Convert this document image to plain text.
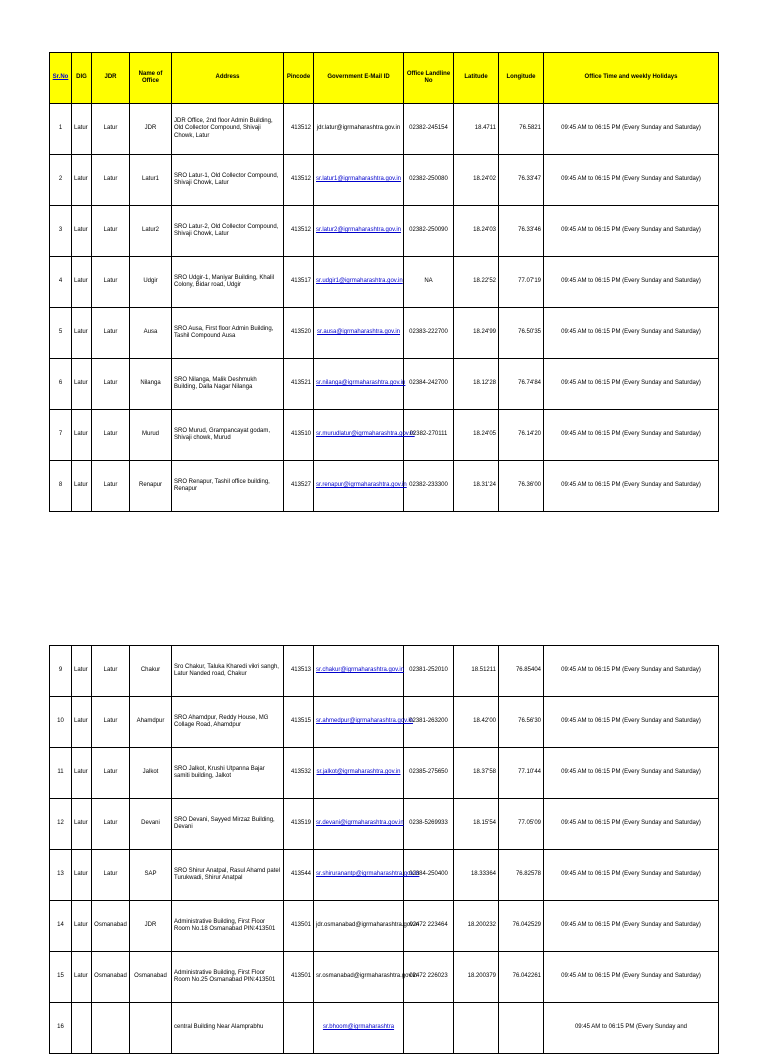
Sr.No	DIG	JDR	Name of Office	Address	Pincode	Government E-Mail ID	Office Landline No	Latitude	Longitude	Office Time and weekly Holidays
1	Latur	Latur	JDR	JDR Office, 2nd floor Admin Building, Old Collector Compound, Shivaji Chowk, Latur	413512	jdr.latur@igrmaharashtra.gov.in	02382-245154	18.4711	76.5821	09:45 AM to 06:15 PM (Every Sunday and Saturday)
2	Latur	Latur	Latur1	SRO Latur-1, Old Collector Compound, Shivaji Chowk, Latur	413512	sr.latur1@igrmaharashtra.gov.in	02382-250080	18.24'02	76.33'47	09:45 AM to 06:15 PM (Every Sunday and Saturday)
3	Latur	Latur	Latur2	SRO Latur-2, Old Collector Compound, Shivaji Chowk, Latur	413512	sr.latur2@igrmaharashtra.gov.in	02382-250090	18.24'03	76.33'46	09:45 AM to 06:15 PM (Every Sunday and Saturday)
4	Latur	Latur	Udgir	SRO Udgir-1, Maniyar Building, Khalil Colony, Bidar road, Udgir	413517	sr.udgir1@igrmaharashtra.gov.in	NA	18.22'52	77.07'19	09:45 AM to 06:15 PM (Every Sunday and Saturday)
5	Latur	Latur	Ausa	SRO Ausa, First floor Admin Building, Tashil Compound Ausa	413520	sr.ausa@igrmaharashtra.gov.in	02383-222700	18.24'99	76.50'35	09:45 AM to 06:15 PM (Every Sunday and Saturday)
6	Latur	Latur	Nilanga	SRO Nilanga, Malik Deshmukh Building, Dalla Nagar Nilanga	413521	sr.nilanga@igrmaharashtra.gov.in	02384-242700	18.12'28	76.74'84	09:45 AM to 06:15 PM (Every Sunday and Saturday)
7	Latur	Latur	Murud	SRO Murud, Grampancayat godam, Shivaji chowk, Murud	413510	sr.murudlatur@igrmaharashtra.gov.in	02382-270111	18.24'05	76.14'20	09:45 AM to 06:15 PM (Every Sunday and Saturday)
8	Latur	Latur	Renapur	SRO Renapur, Tashil office building, Renapur	413527	sr.renapur@igrmaharashtra.gov.in	02382-233300	18.31'24	76.36'00	09:45 AM to 06:15 PM (Every Sunday and Saturday)
9	Latur	Latur	Chakur	Sro Chakur, Taluka Kharedi vikri sangh, Latur Nanded road, Chakur	413513	sr.chakur@igrmaharashtra.gov.in	02381-252010	18.51211	76.85404	09:45 AM to 06:15 PM (Every Sunday and Saturday)
10	Latur	Latur	Ahamdpur	SRO Ahamdpur, Reddy House, MG Collage Road, Ahamdpur	413515	sr.ahmedpur@igrmaharashtra.gov.in	02381-263200	18.42'00	76.56'30	09:45 AM to 06:15 PM (Every Sunday and Saturday)
11	Latur	Latur	Jalkot	SRO Jalkot, Krushi Utpanna Bajar samiti building, Jalkot	413532	sr.jalkot@igrmaharashtra.gov.in	02385-275650	18.37'58	77.10'44	09:45 AM to 06:15 PM (Every Sunday and Saturday)
12	Latur	Latur	Devani	SRO Devani, Sayyed Mirzaz Building, Devani	413519	sr.devani@igrmaharashtra.gov.in	0238-5269933	18.15'54	77.05'09	09:45 AM to 06:15 PM (Every Sunday and Saturday)
13	Latur	Latur	SAP	SRO Shirur Anatpal, Rasul Ahamd patel Turukwadi, Shirur Anatpal	413544	sr.shiruranantp@igrmaharashtra.gov.in	02384-250400	18.33364	76.82578	09:45 AM to 06:15 PM (Every Sunday and Saturday)
14	Latur	Osmanabad	JDR	Administrative Building, First Floor Room No.18 Osmanabad PIN:413501	413501	jdr.osmanabad@igrmaharashtra.gov.in	02472 223464	18.200232	76.042529	09:45 AM to 06:15 PM (Every Sunday and Saturday)
15	Latur	Osmanabad	Osmanabad	Administrative Building, First Floor Room No.25 Osmanabad PIN:413501	413501	sr.osmanabad@igrmaharashtra.gov.in	02472 226023	18.200379	76.042261	09:45 AM to 06:15 PM (Every Sunday and Saturday)
16				central Building Near Alamprabhu		sr.bhoom@igrmaharashtra				09:45 AM to 06:15 PM (Every Sunday and
